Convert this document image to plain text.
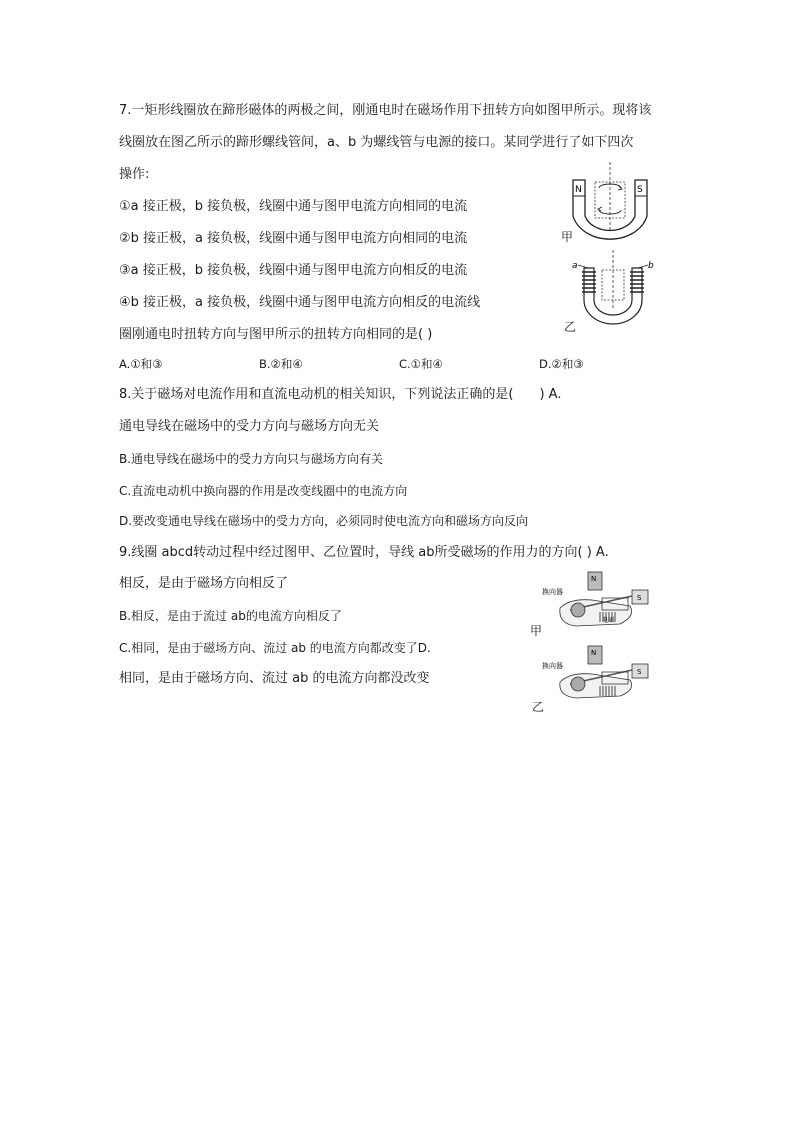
7.一矩形线圈放在蹄形磁体的两极之间，刚通电时在磁场作用下扭转方向如图甲所示。现将该
线圈放在图乙所示的蹄形螺线管间，a、b 为螺线管与电源的接口。某同学进行了如下四次
操作:
①a 接正极，b 接负极，线圈中通与图甲电流方向相同的电流
②b 接正极，a 接负极，线圈中通与图甲电流方向相同的电流
③a 接正极，b 接负极，线圈中通与图甲电流方向相反的电流
④b 接正极，a 接负极，线圈中通与图甲电流方向相反的电流线
圈刚通电时扭转方向与图甲所示的扭转方向相同的是( )
A.①和③	B.②和④	C.①和④	D.②和③
N	S
甲
a	b
乙
8.关于磁场对电流作用和直流电动机的相关知识，下列说法正确的是(　　) A.
通电导线在磁场中的受力方向与磁场方向无关
B.通电导线在磁场中的受力方向只与磁场方向有关
C.直流电动机中换向器的作用是改变线圈中的电流方向
D.要改变通电导线在磁场中的受力方向，必须同时使电流方向和磁场方向反向
9.线圈 abcd转动过程中经过图甲、乙位置时，导线 ab所受磁场的作用力的方向( ) A.
相反，是由于磁场方向相反了
B.相反，是由于流过 ab的电流方向相反了
C.相同，是由于磁场方向、流过 ab 的电流方向都改变了D.
相同，是由于磁场方向、流过 ab 的电流方向都没改变
N
S
换向器
电刷
甲
N
S
换向器
乙
